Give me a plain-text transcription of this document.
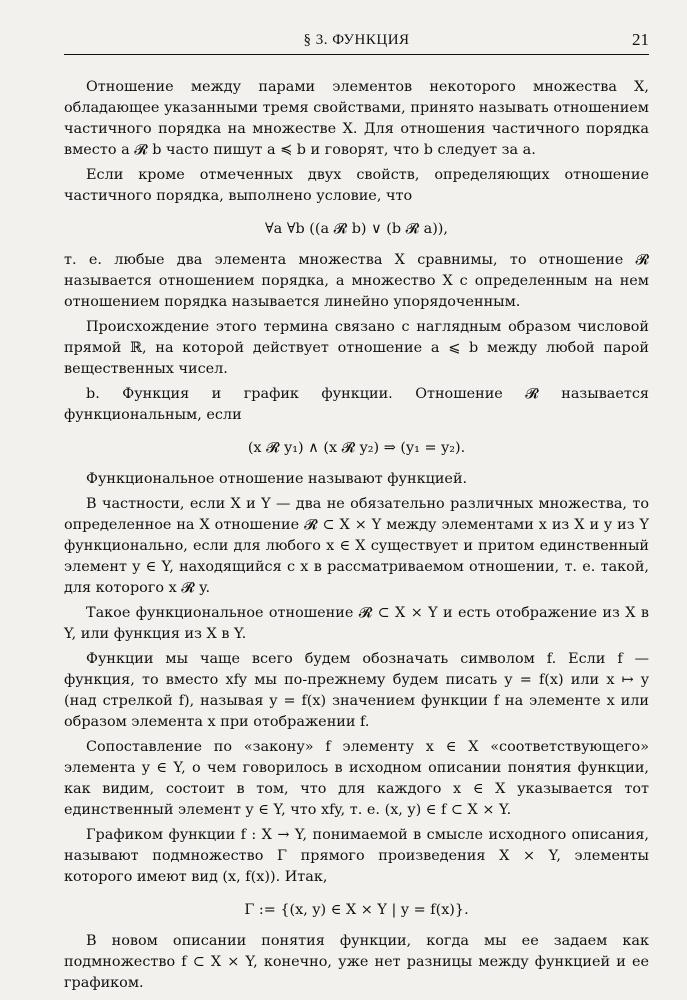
§ 3. ФУНКЦИЯ	21

Отношение между парами элементов некоторого множества X, обладающее указанными тремя свойствами, принято называть отношением частичного порядка на множестве X. Для отношения частичного порядка вместо a 𝓡 b часто пишут a ≼ b и говорят, что b следует за a.

Если кроме отмеченных двух свойств, определяющих отношение частичного порядка, выполнено условие, что

∀a ∀b ((a 𝓡 b) ∨ (b 𝓡 a)),

т. е. любые два элемента множества X сравнимы, то отношение 𝓡 называется отношением порядка, а множество X с определенным на нем отношением порядка называется линейно упорядоченным.

Происхождение этого термина связано с наглядным образом числовой прямой ℝ, на которой действует отношение a ⩽ b между любой парой вещественных чисел.

b. Функция и график функции. Отношение 𝓡 называется функциональным, если

(x 𝓡 y₁) ∧ (x 𝓡 y₂) ⇒ (y₁ = y₂).

Функциональное отношение называют функцией.

В частности, если X и Y — два не обязательно различных множества, то определенное на X отношение 𝓡 ⊂ X × Y между элементами x из X и y из Y функционально, если для любого x ∈ X существует и притом единственный элемент y ∈ Y, находящийся с x в рассматриваемом отношении, т. е. такой, для которого x 𝓡 y.

Такое функциональное отношение 𝓡 ⊂ X × Y и есть отображение из X в Y, или функция из X в Y.

Функции мы чаще всего будем обозначать символом f. Если f — функция, то вместо xfy мы по-прежнему будем писать y = f(x) или x ↦ y (над стрелкой f), называя y = f(x) значением функции f на элементе x или образом элемента x при отображении f.

Сопоставление по «закону» f элементу x ∈ X «соответствующего» элемента y ∈ Y, о чем говорилось в исходном описании понятия функции, как видим, состоит в том, что для каждого x ∈ X указывается тот единственный элемент y ∈ Y, что xfy, т. е. (x, y) ∈ f ⊂ X × Y.

Графиком функции f : X → Y, понимаемой в смысле исходного описания, называют подмножество Γ прямого произведения X × Y, элементы которого имеют вид (x, f(x)). Итак,

Γ := {(x, y) ∈ X × Y | y = f(x)}.

В новом описании понятия функции, когда мы ее задаем как подмножество f ⊂ X × Y, конечно, уже нет разницы между функцией и ее графиком.
